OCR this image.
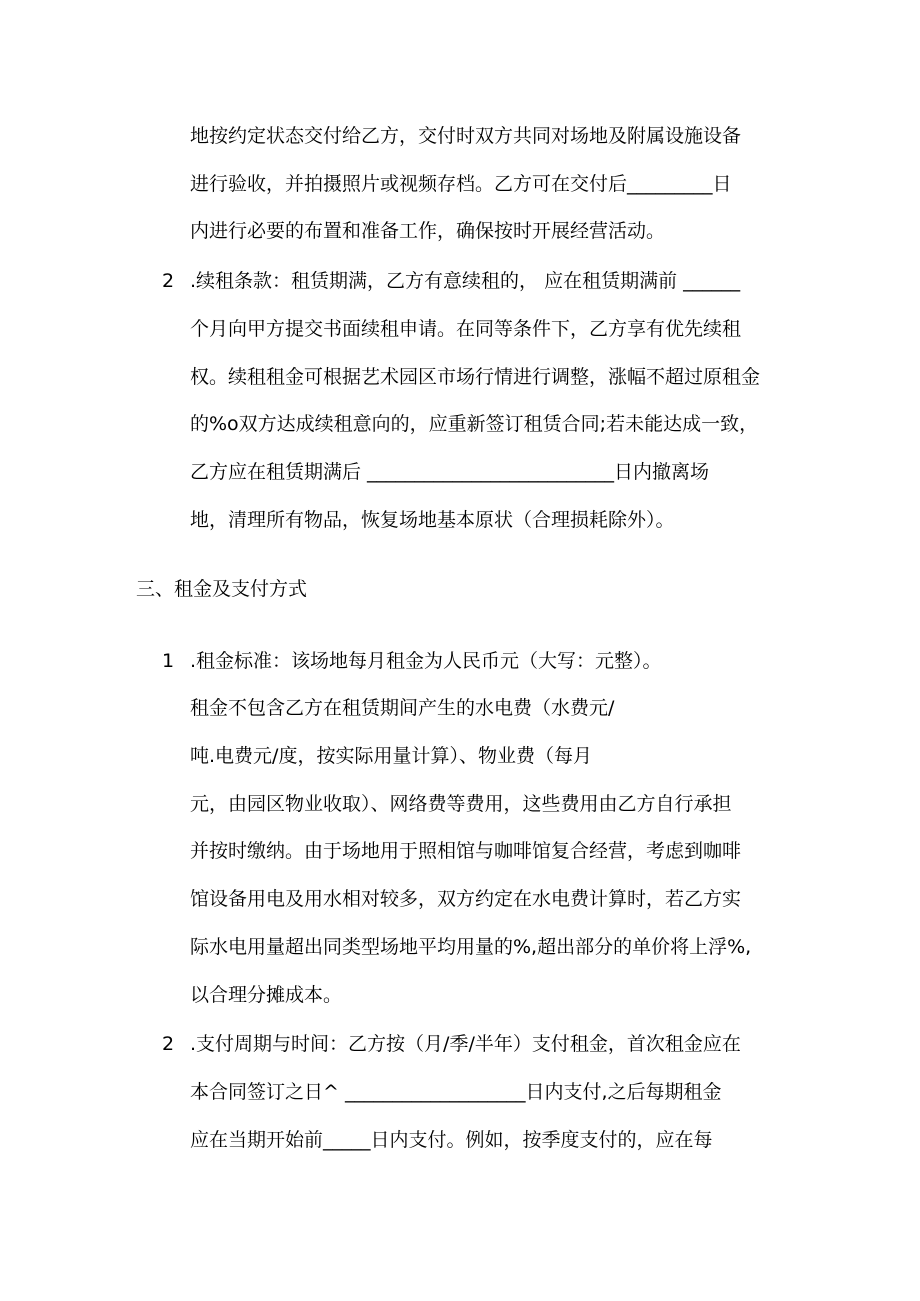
地按约定状态交付给乙方，交付时双方共同对场地及附属设施设备
进行验收，并拍摄照片或视频存档。乙方可在交付后_________日
内进行必要的布置和准备工作，确保按时开展经营活动。
2 .续租条款：租赁期满，乙方有意续租的， 应在租赁期满前 ______
个月向甲方提交书面续租申请。在同等条件下，乙方享有优先续租
权。续租租金可根据艺术园区市场行情进行调整，涨幅不超过原租金
的%o双方达成续租意向的，应重新签订租赁合同;若未能达成一致，
乙方应在租赁期满后 __________________________日内撤离场
地，清理所有物品，恢复场地基本原状（合理损耗除外）。
三、租金及支付方式
1 .租金标准：该场地每月租金为人民币元（大写：元整）。
租金不包含乙方在租赁期间产生的水电费（水费元/
吨.电费元/度，按实际用量计算）、物业费（每月
元，由园区物业收取）、网络费等费用，这些费用由乙方自行承担
并按时缴纳。由于场地用于照相馆与咖啡馆复合经营，考虑到咖啡
馆设备用电及用水相对较多，双方约定在水电费计算时，若乙方实
际水电用量超出同类型场地平均用量的%,超出部分的单价将上浮%,
以合理分摊成本。
2 .支付周期与时间：乙方按（月/季/半年）支付租金，首次租金应在
本合同签订之日^ ___________________日内支付,之后每期租金
应在当期开始前_____日内支付。例如，按季度支付的，应在每
